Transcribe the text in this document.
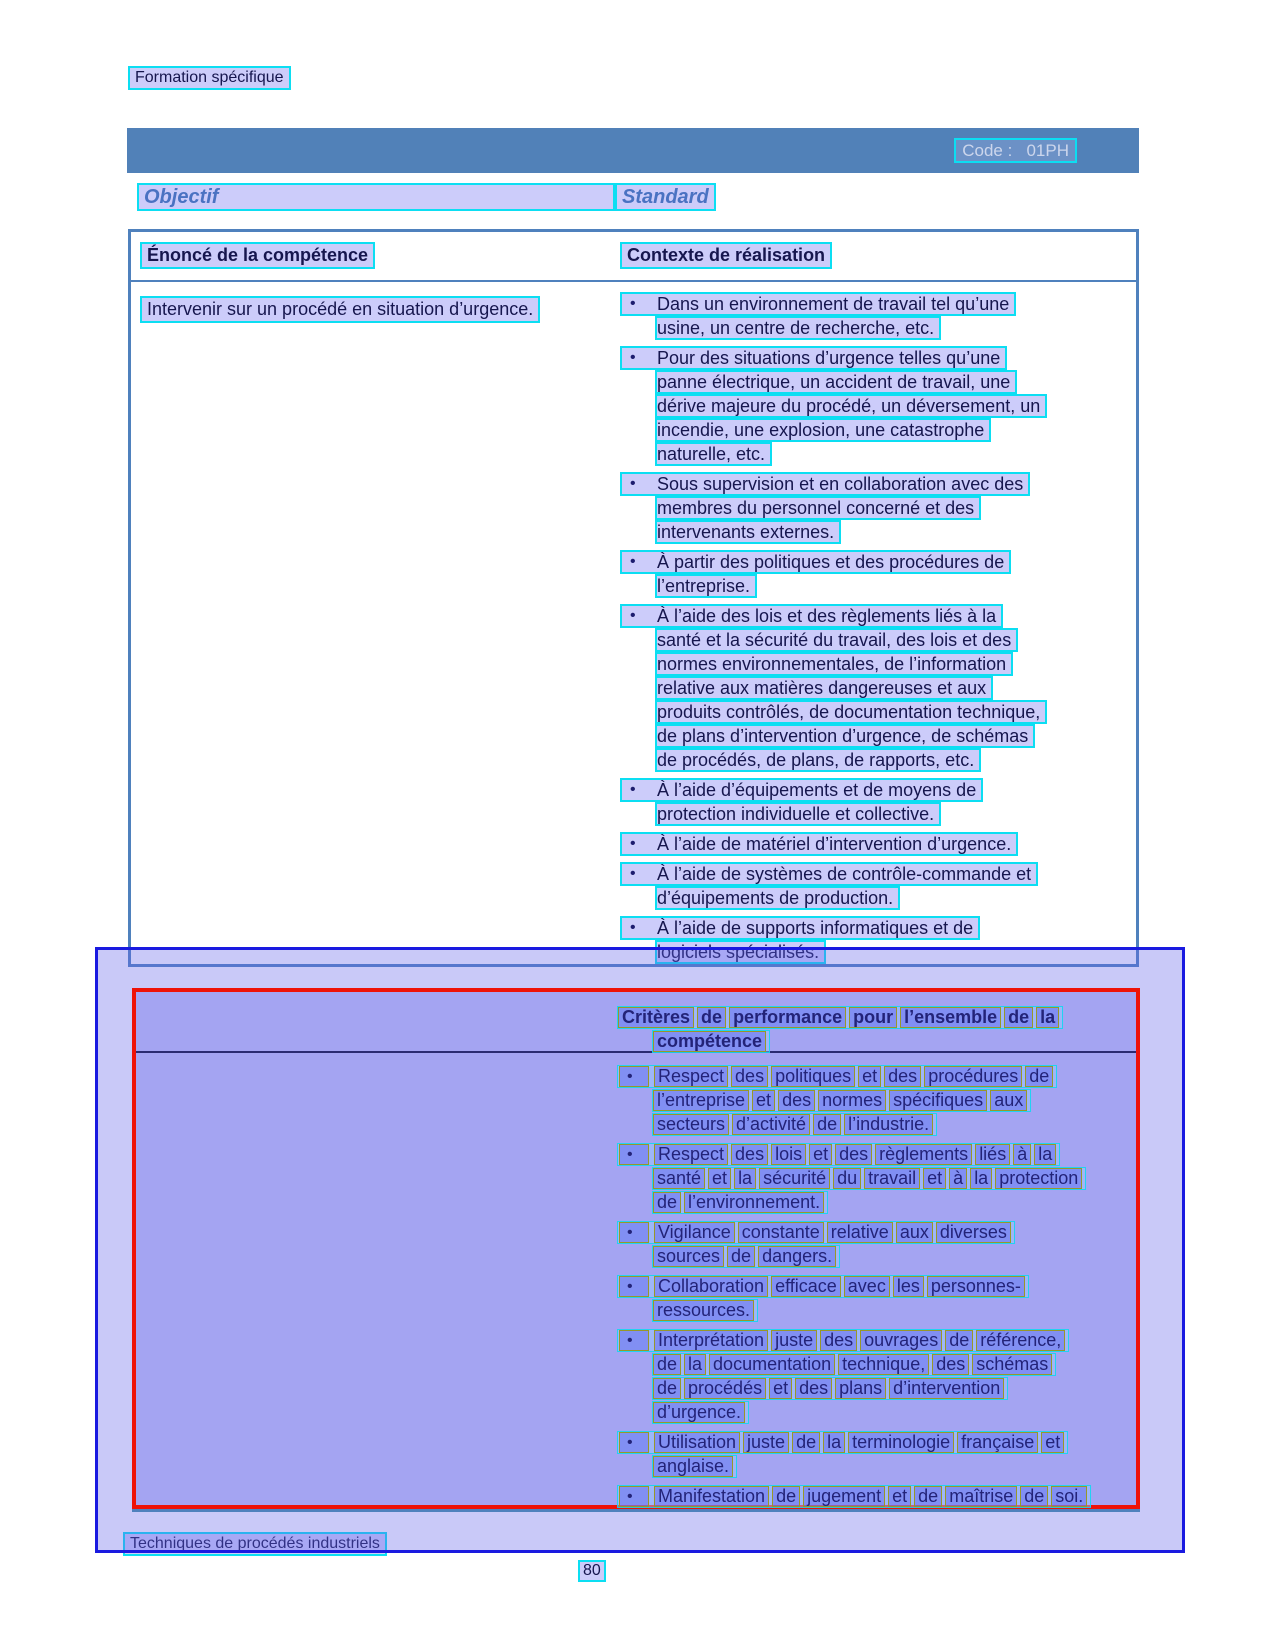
Formation spécifique
Code :   01PH
Objectif	Standard
Énoncé de la compétence	Contexte de réalisation
Intervenir sur un procédé en situation d’urgence.	•	Dans un environnement de travail tel qu’une
usine, un centre de recherche, etc.
•	Pour des situations d’urgence telles qu’une
panne électrique, un accident de travail, une
dérive majeure du procédé, un déversement, un
incendie, une explosion, une catastrophe
naturelle, etc.
•	Sous supervision et en collaboration avec des
membres du personnel concerné et des
intervenants externes.
•	À partir des politiques et des procédures de
l’entreprise.
•	À l’aide des lois et des règlements liés à la
santé et la sécurité du travail, des lois et des
normes environnementales, de l’information
relative aux matières dangereuses et aux
produits contrôlés, de documentation technique,
de plans d’intervention d’urgence, de schémas
de procédés, de plans, de rapports, etc.
•	À l’aide d’équipements et de moyens de
protection individuelle et collective.
•	À l’aide de matériel d’intervention d’urgence.
•	À l’aide de systèmes de contrôle-commande et
d’équipements de production.
•	À l’aide de supports informatiques et de
logiciels spécialisés.
Critères de performance pour l’ensemble de la
compétence
•	Respect des politiques et des procédures de
l’entreprise et des normes spécifiques aux
secteurs d’activité de l’industrie.
•	Respect des lois et des règlements liés à la
santé et la sécurité du travail et à la protection
de l’environnement.
•	Vigilance constante relative aux diverses
sources de dangers.
•	Collaboration efficace avec les personnes-
ressources.
•	Interprétation juste des ouvrages de référence,
de la documentation technique, des schémas
de procédés et des plans d’intervention
d’urgence.
•	Utilisation juste de la terminologie française et
anglaise.
•	Manifestation de jugement et de maîtrise de soi.
Techniques de procédés industriels
80
